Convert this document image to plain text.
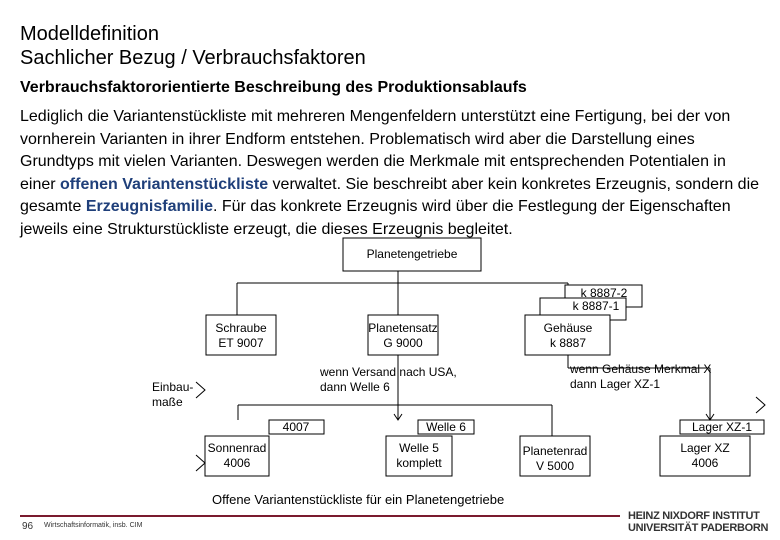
Modelldefinition
Sachlicher Bezug / Verbrauchsfaktoren
Verbrauchsfaktororientierte Beschreibung des Produktionsablaufs
Lediglich die Variantenstückliste mit mehreren Mengenfeldern unterstützt eine Fertigung, bei der von vornherein Varianten in ihrer Endform entstehen. Problematisch wird aber die Darstellung eines Grundtyps mit vielen Varianten. Deswegen werden die Merkmale mit entsprechenden Potentialen in einer offenen Variantenstückliste verwaltet. Sie beschreibt aber kein konkretes Erzeugnis, sondern die gesamte Erzeugnisfamilie. Für das konkrete Erzeugnis wird über die Festlegung der Eigenschaften jeweils eine Strukturstückliste erzeugt, die dieses Erzeugnis begleitet.
Planetengetriebe
k 8887-2
k 8887-1
Schraube
ET 9007
Planetensatz
G 9000
Gehäuse
k 8887
wenn Versand nach USA,
dann Welle 6
wenn Gehäuse Merkmal X
dann Lager XZ-1
Einbau-
maße
4007
Sonnenrad
4006
Welle 6
Welle 5
komplett
Planetenrad
V 5000
Lager XZ-1
Lager XZ
4006
Offene Variantenstückliste für ein Planetengetriebe
96 Wirtschaftsinformatik, insb. CIM
HEINZ NIXDORF INSTITUT
UNIVERSITÄT PADERBORN
